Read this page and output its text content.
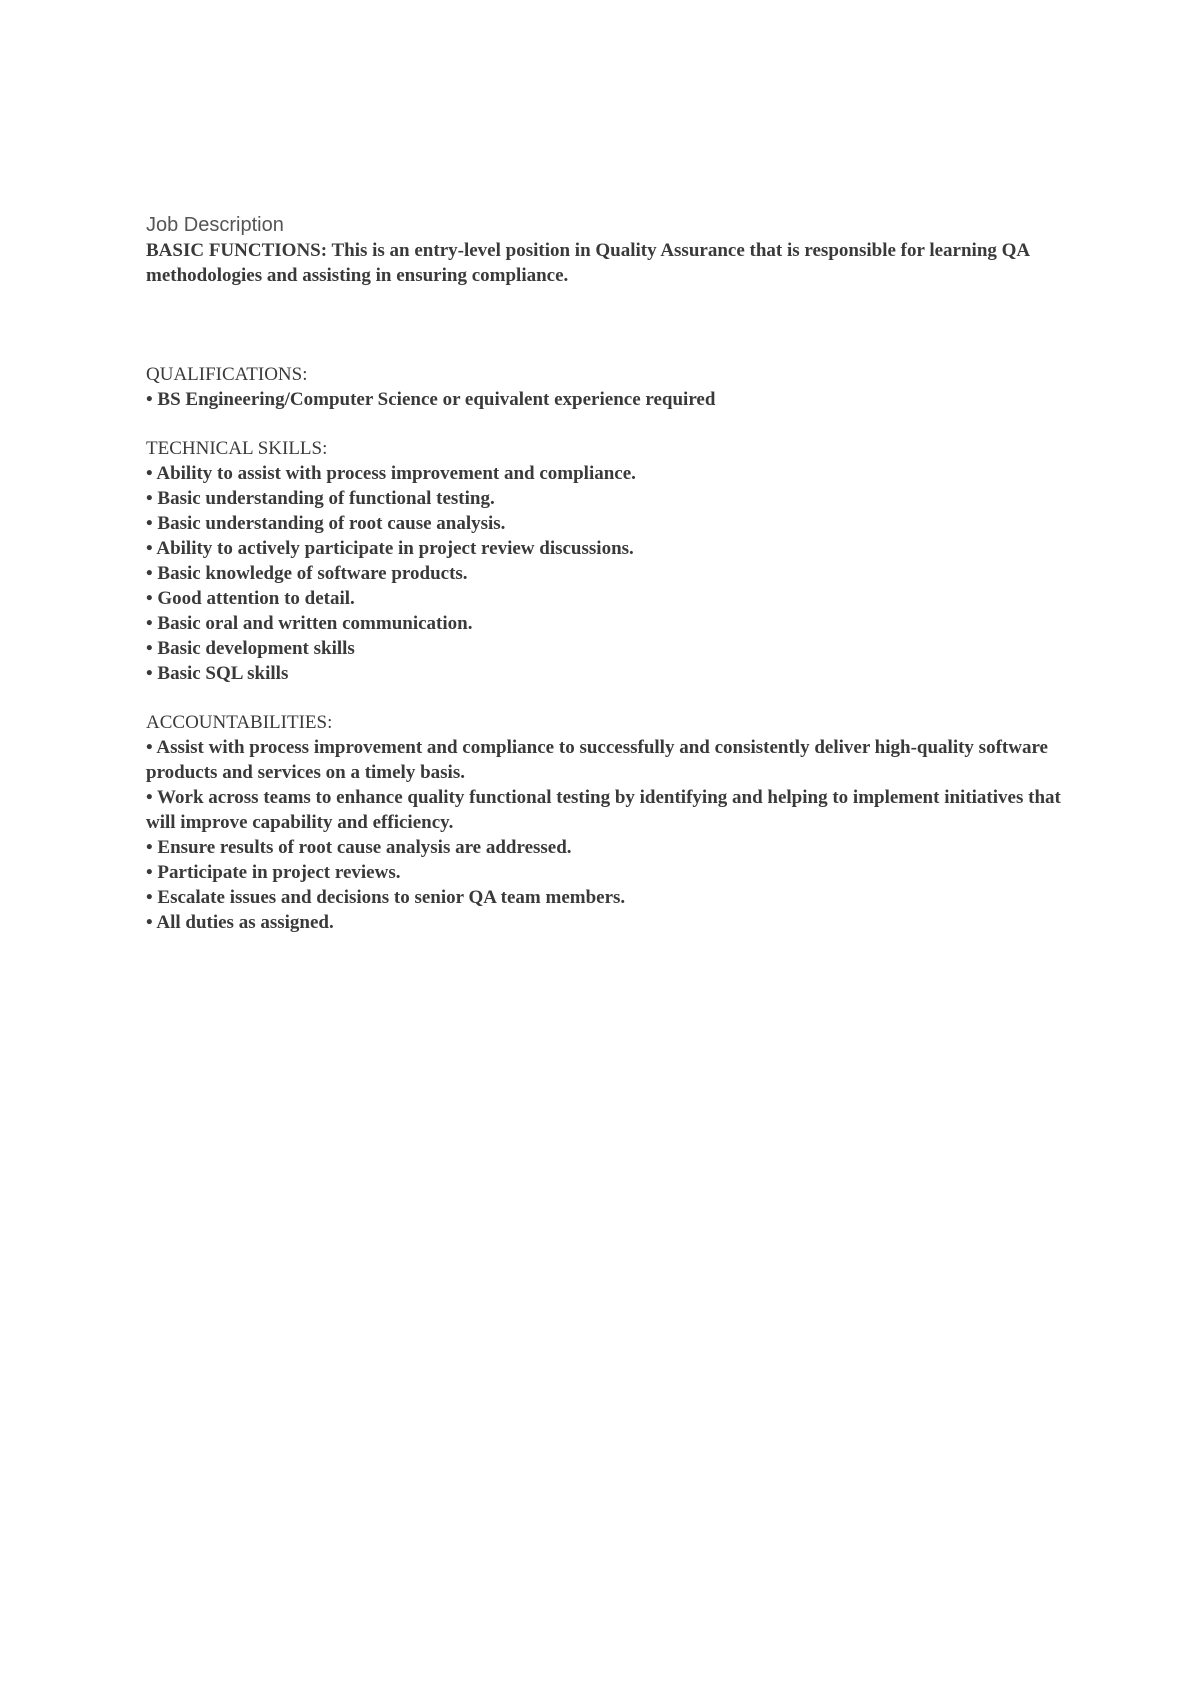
Job Description

BASIC FUNCTIONS: This is an entry-level position in Quality Assurance that is responsible for learning QA methodologies and assisting in ensuring compliance.

QUALIFICATIONS:
• BS Engineering/Computer Science or equivalent experience required
TECHNICAL SKILLS:
• Ability to assist with process improvement and compliance.
• Basic understanding of functional testing.
• Basic understanding of root cause analysis.
• Ability to actively participate in project review discussions.
• Basic knowledge of software products.
• Good attention to detail.
• Basic oral and written communication.
• Basic development skills
• Basic SQL skills
ACCOUNTABILITIES:
• Assist with process improvement and compliance to successfully and consistently deliver high-quality software products and services on a timely basis.
• Work across teams to enhance quality functional testing by identifying and helping to implement initiatives that will improve capability and efficiency.
• Ensure results of root cause analysis are addressed.
• Participate in project reviews.
• Escalate issues and decisions to senior QA team members.
• All duties as assigned.
